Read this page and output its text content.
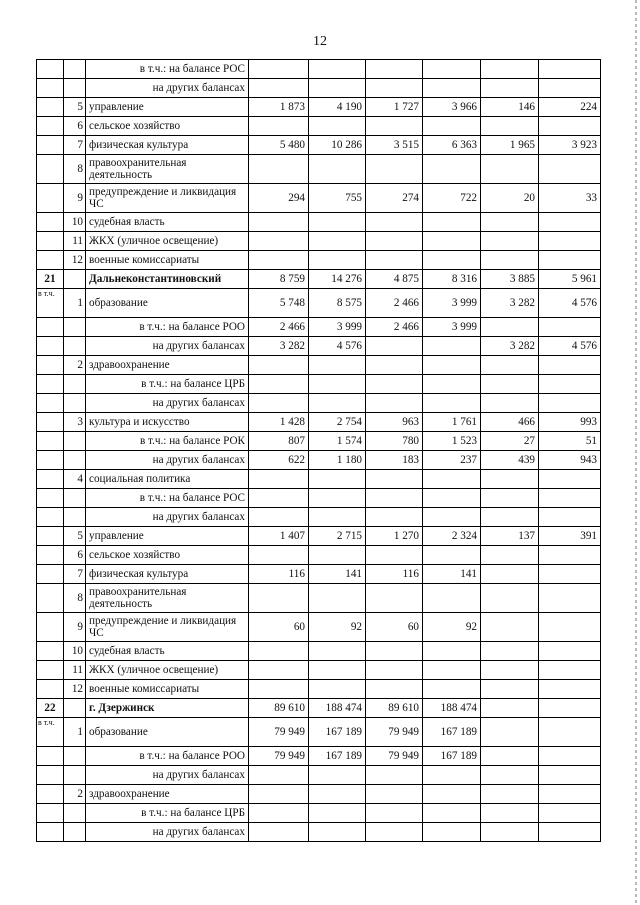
12
		в т.ч.: на балансе РОС						
		на других балансах						
	5	управление	1 873	4 190	1 727	3 966	146	224
	6	сельское хозяйство						
	7	физическая культура	5 480	10 286	3 515	6 363	1 965	3 923
	8	правоохранительная деятельность						
	9	предупреждение и ликвидация ЧС	294	755	274	722	20	33
	10	судебная власть						
	11	ЖКХ (уличное освещение)						
	12	военные комиссариаты						
21		Дальнеконстантиновский	8 759	14 276	4 875	8 316	3 885	5 961
в т.ч.	1	образование	5 748	8 575	2 466	3 999	3 282	4 576
		в т.ч.: на балансе РОО	2 466	3 999	2 466	3 999		
		на других балансах	3 282	4 576			3 282	4 576
	2	здравоохранение						
		в т.ч.: на балансе ЦРБ						
		на других балансах						
	3	культура и искусство	1 428	2 754	963	1 761	466	993
		в т.ч.: на балансе РОК	807	1 574	780	1 523	27	51
		на других балансах	622	1 180	183	237	439	943
	4	социальная политика						
		в т.ч.: на балансе РОС						
		на других балансах						
	5	управление	1 407	2 715	1 270	2 324	137	391
	6	сельское хозяйство						
	7	физическая культура	116	141	116	141		
	8	правоохранительная деятельность						
	9	предупреждение и ликвидация ЧС	60	92	60	92		
	10	судебная власть						
	11	ЖКХ (уличное освещение)						
	12	военные комиссариаты						
22		г. Дзержинск	89 610	188 474	89 610	188 474		
в т.ч.	1	образование	79 949	167 189	79 949	167 189		
		в т.ч.: на балансе РОО	79 949	167 189	79 949	167 189		
		на других балансах						
	2	здравоохранение						
		в т.ч.: на балансе ЦРБ						
		на других балансах						
